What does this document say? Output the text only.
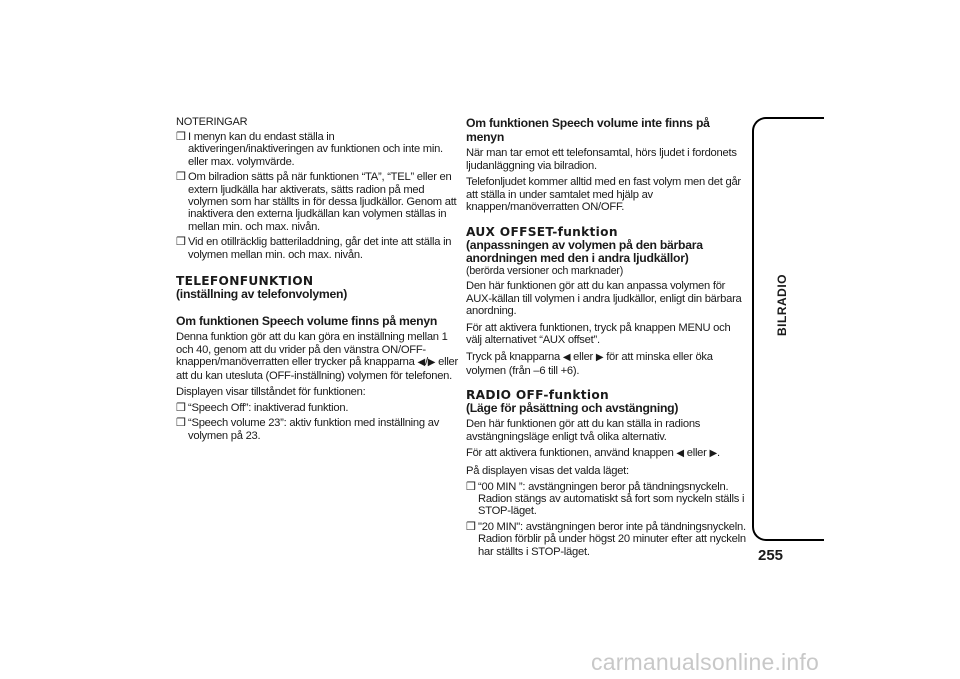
NOTERINGAR

❒ I menyn kan du endast ställa in aktiveringen/inaktiveringen av funktionen och inte min. eller max. volymvärde.
❒ Om bilradion sätts på när funktionen “TA”, “TEL” eller en extern ljudkälla har aktiverats, sätts radion på med volymen som har ställts in för dessa ljudkällor. Genom att inaktivera den externa ljudkällan kan volymen ställas in mellan min. och max. nivån.
❒ Vid en otillräcklig batteriladdning, går det inte att ställa in volymen mellan min. och max. nivån.

TELEFONFUNKTION

(inställning av telefonvolymen)

Om funktionen Speech volume finns på menyn

Denna funktion gör att du kan göra en inställning mellan 1 och 40, genom att du vrider på den vänstra ON/OFF-knappen/manöverratten eller trycker på knapparna ◀/▶ eller att du kan utesluta (OFF-inställning) volymen för telefonen.

Displayen visar tillståndet för funktionen:

❒ “Speech Off”: inaktiverad funktion.
❒ “Speech volume 23”: aktiv funktion med inställning av volymen på 23.

Om funktionen Speech volume inte finns på menyn

När man tar emot ett telefonsamtal, hörs ljudet i fordonets ljudanläggning via bilradion.

Telefonljudet kommer alltid med en fast volym men det går att ställa in under samtalet med hjälp av knappen/manöverratten ON/OFF.

AUX OFFSET-funktion

(anpassningen av volymen på den bärbara anordningen med den i andra ljudkällor)

(berörda versioner och marknader)

Den här funktionen gör att du kan anpassa volymen för AUX-källan till volymen i andra ljudkällor, enligt din bärbara anordning.

För att aktivera funktionen, tryck på knappen MENU och välj alternativet “AUX offset”.

Tryck på knapparna ◀ eller ▶ för att minska eller öka volymen (från –6 till +6).

RADIO OFF-funktion

(Läge för påsättning och avstängning)

Den här funktionen gör att du kan ställa in radions avstängningsläge enligt två olika alternativ.

För att aktivera funktionen, använd knappen ◀ eller ▶.

På displayen visas det valda läget:

❒ “00 MIN ”: avstängningen beror på tändningsnyckeln. Radion stängs av automatiskt så fort som nyckeln ställs i STOP-läget.
❒ "20 MIN": avstängningen beror inte på tändningsnyckeln. Radion förblir på under högst 20 minuter efter att nyckeln har ställts i STOP-läget.
BILRADIO
255
carmanualsonline.info
